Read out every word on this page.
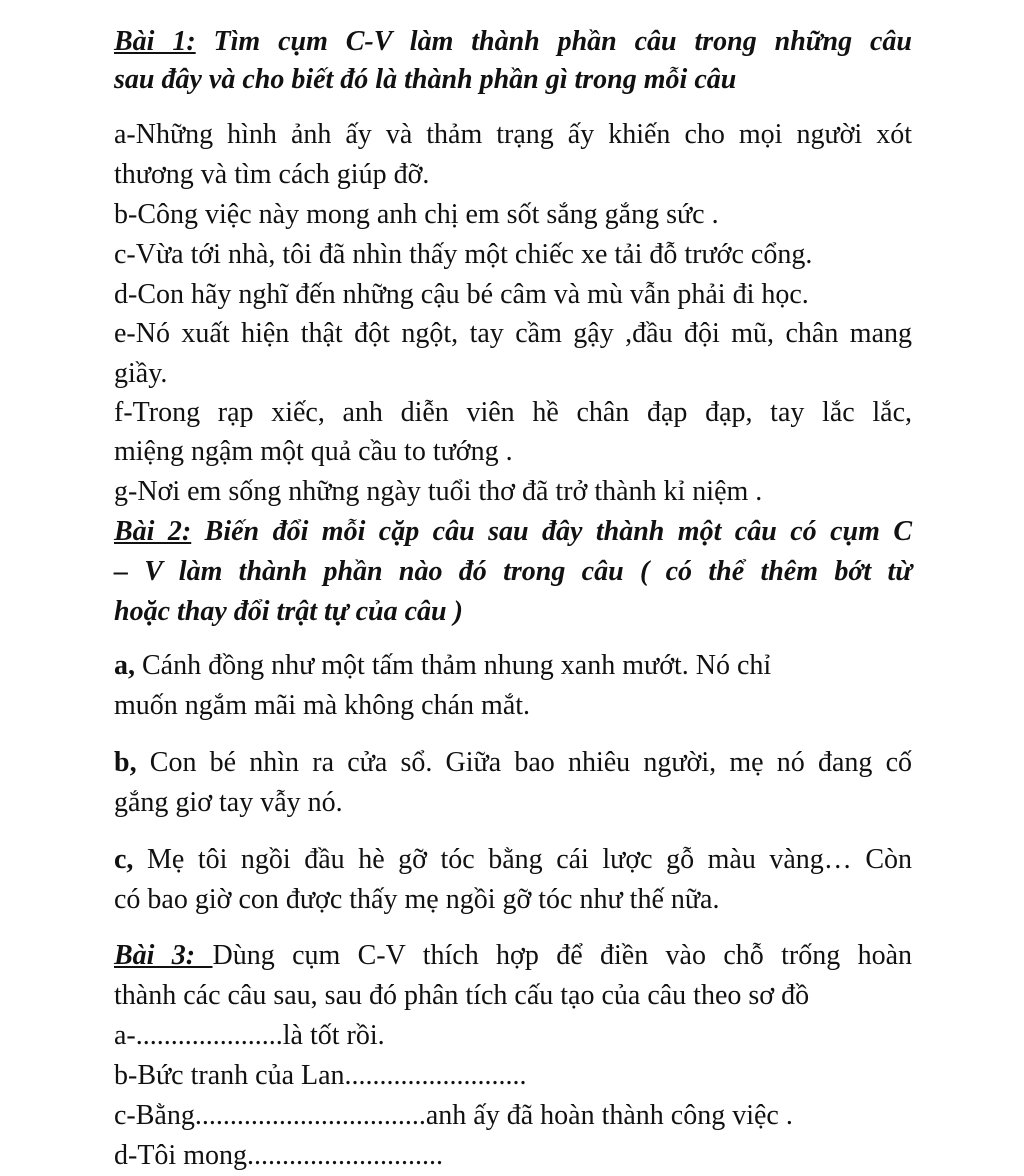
Bài 1: Tìm cụm C-V làm thành phần câu trong những câu
sau đây và cho biết đó là thành phần gì trong mỗi câu
a-Những hình ảnh ấy và thảm trạng ấy khiến cho mọi người xót
thương và tìm cách giúp đỡ.
b-Công việc này mong anh chị em sốt sắng gắng sức .
c-Vừa tới nhà, tôi đã nhìn thấy một chiếc xe tải đỗ trước cổng.
d-Con hãy nghĩ đến những cậu bé câm và mù vẫn phải đi học.
e-Nó xuất hiện thật đột ngột, tay cầm gậy ,đầu đội mũ, chân mang
giầy.
f-Trong rạp xiếc, anh diễn viên hề chân đạp đạp, tay lắc lắc,
miệng ngậm một quả cầu to tướng .
g-Nơi em sống những ngày tuổi thơ đã trở thành kỉ niệm .
Bài 2: Biến đổi mỗi cặp câu sau đây thành một câu có cụm C
– V làm thành phần nào đó trong câu ( có thể thêm bớt từ
hoặc thay đổi trật tự của câu )
a, Cánh đồng như một tấm thảm nhung xanh mướt. Nó chỉ
muốn ngắm mãi mà không chán mắt.
b, Con bé nhìn ra cửa sổ. Giữa bao nhiêu người, mẹ nó đang cố
gắng giơ tay vẫy nó.
c, Mẹ tôi ngồi đầu hè gỡ tóc bằng cái lược gỗ màu vàng… Còn
có bao giờ con được thấy mẹ ngồi gỡ tóc như thế nữa.
Bài 3: Dùng cụm C-V thích hợp để điền vào chỗ trống hoàn
thành các câu sau, sau đó phân tích cấu tạo của câu theo sơ đồ
a-.....................là tốt rồi.
b-Bức tranh của Lan..........................
c-Bằng.................................anh ấy đã hoàn thành công việc .
d-Tôi mong............................
